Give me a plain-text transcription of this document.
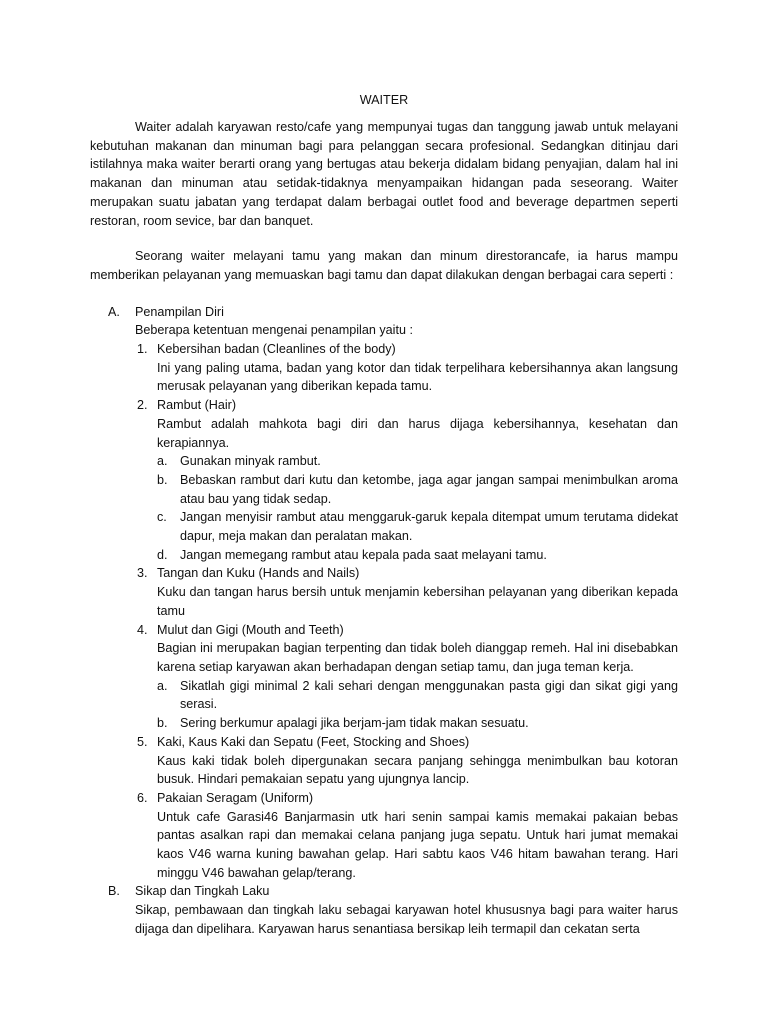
WAITER

Waiter adalah karyawan resto/cafe yang mempunyai tugas dan tanggung jawab untuk melayani kebutuhan makanan dan minuman bagi para pelanggan secara profesional. Sedangkan ditinjau dari istilahnya maka waiter berarti orang yang bertugas atau bekerja didalam bidang penyajian, dalam hal ini makanan dan minuman atau setidak-tidaknya menyampaikan hidangan pada seseorang. Waiter merupakan suatu jabatan yang terdapat dalam berbagai outlet food and beverage departmen seperti restoran, room sevice, bar dan banquet.

Seorang waiter melayani tamu yang makan dan minum direstorancafe, ia harus mampu memberikan pelayanan yang memuaskan bagi tamu dan dapat dilakukan dengan berbagai cara seperti :

A. Penampilan Diri

Beberapa ketentuan mengenai penampilan yaitu :

1. Kebersihan badan (Cleanlines of the body)

Ini yang paling utama, badan yang kotor dan tidak terpelihara kebersihannya akan langsung merusak pelayanan yang diberikan kepada tamu.

2. Rambut (Hair)

Rambut adalah mahkota bagi diri dan harus dijaga kebersihannya, kesehatan dan kerapiannya.

a. Gunakan minyak rambut.

b. Bebaskan rambut dari kutu dan ketombe, jaga agar jangan sampai menimbulkan aroma atau bau yang tidak sedap.

c. Jangan menyisir rambut atau menggaruk-garuk kepala ditempat umum terutama didekat dapur, meja makan dan peralatan makan.

d. Jangan memegang rambut atau kepala pada saat melayani tamu.

3. Tangan dan Kuku (Hands and Nails)

Kuku dan tangan harus bersih untuk menjamin kebersihan pelayanan yang diberikan kepada tamu

4. Mulut dan Gigi (Mouth and Teeth)

Bagian ini merupakan bagian terpenting dan tidak boleh dianggap remeh. Hal ini disebabkan karena setiap karyawan akan berhadapan dengan setiap tamu, dan juga teman kerja.

a. Sikatlah gigi minimal 2 kali sehari dengan menggunakan pasta gigi dan sikat gigi yang serasi.

b. Sering berkumur apalagi jika berjam-jam tidak makan sesuatu.

5. Kaki, Kaus Kaki dan Sepatu (Feet, Stocking and Shoes)

Kaus kaki tidak boleh dipergunakan secara panjang sehingga menimbulkan bau kotoran busuk. Hindari pemakaian sepatu yang ujungnya lancip.

6. Pakaian Seragam (Uniform)

Untuk cafe Garasi46 Banjarmasin utk hari senin sampai kamis memakai pakaian bebas pantas asalkan rapi dan memakai celana panjang juga sepatu. Untuk hari jumat memakai kaos V46 warna kuning bawahan gelap. Hari sabtu kaos V46 hitam bawahan terang. Hari minggu V46 bawahan gelap/terang.

B. Sikap dan Tingkah Laku

Sikap, pembawaan dan tingkah laku sebagai karyawan hotel khususnya bagi para waiter harus dijaga dan dipelihara. Karyawan harus senantiasa bersikap leih termapil dan cekatan serta
